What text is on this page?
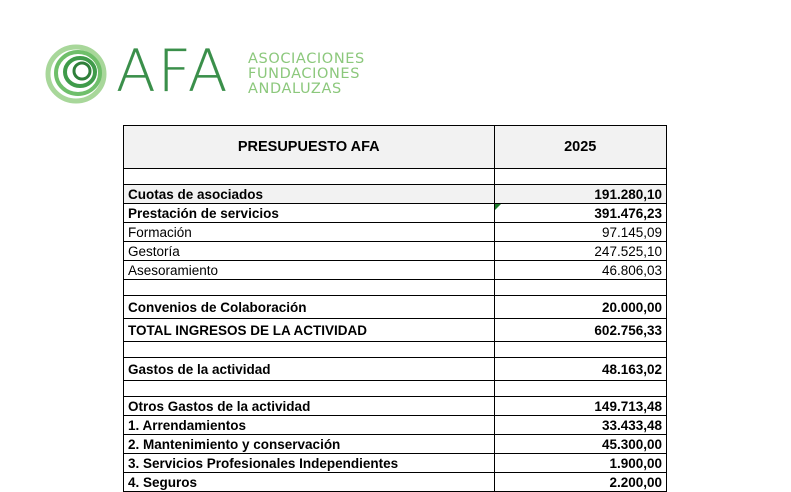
AFA ASOCIACIONES
FUNDACIONES
ANDALUZAS
PRESUPUESTO AFA	2025

Cuotas de asociados	191.280,10
Prestación de servicios	391.476,23
Formación	97.145,09
Gestoría	247.525,10
Asesoramiento	46.806,03

Convenios de Colaboración	20.000,00
TOTAL INGRESOS DE LA ACTIVIDAD	602.756,33

Gastos de la actividad	48.163,02

Otros Gastos de la actividad	149.713,48
1. Arrendamientos	33.433,48
2. Mantenimiento y conservación	45.300,00
3. Servicios Profesionales Independientes	1.900,00
4. Seguros	2.200,00
